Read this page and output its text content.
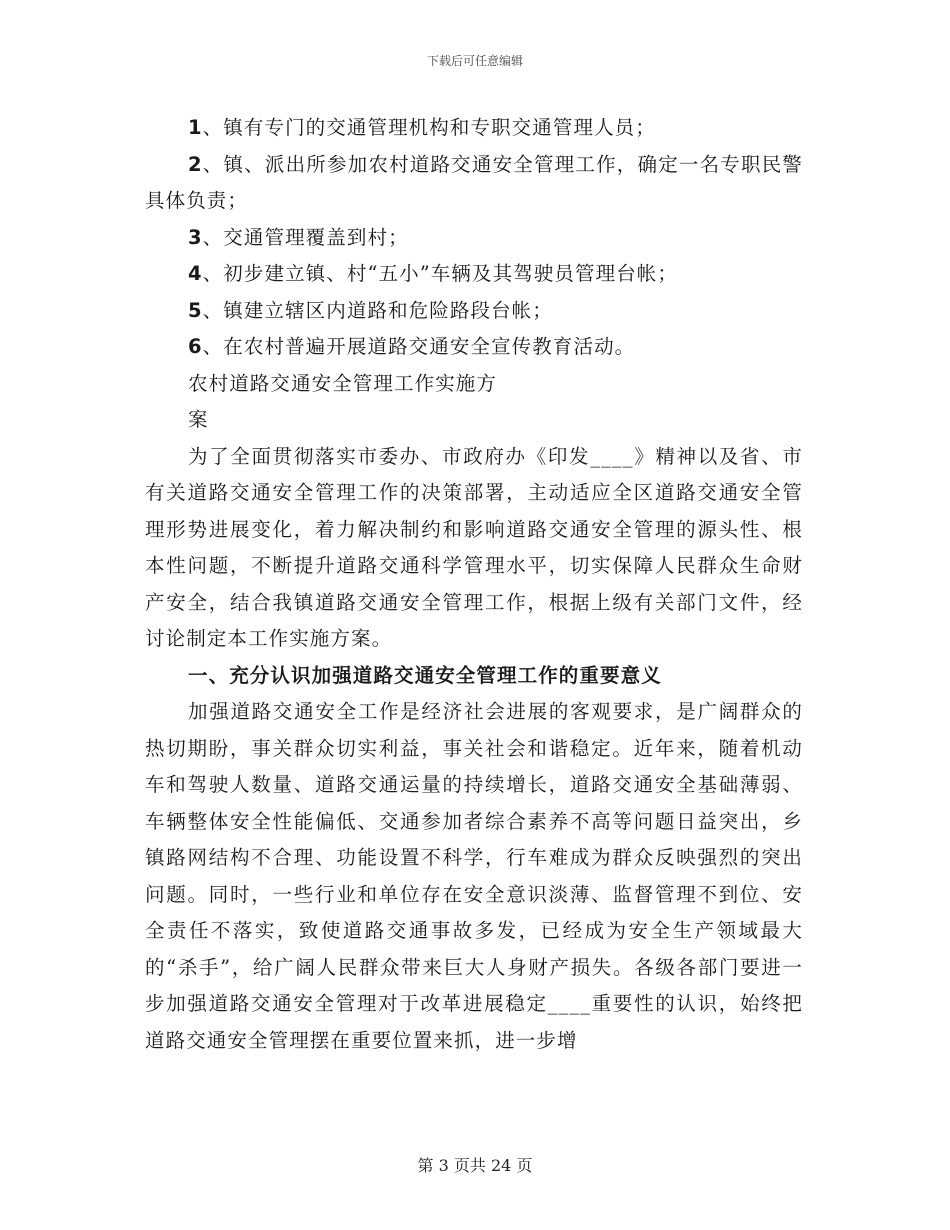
下载后可任意编辑

1、镇有专门的交通管理机构和专职交通管理人员；

2、镇、派出所参加农村道路交通安全管理工作，确定一名专职民警具体负责；

3、交通管理覆盖到村；

4、初步建立镇、村“五小”车辆及其驾驶员管理台帐；

5、镇建立辖区内道路和危险路段台帐；

6、在农村普遍开展道路交通安全宣传教育活动。

农村道路交通安全管理工作实施方

案

为了全面贯彻落实市委办、市政府办《印发____》精神以及省、市有关道路交通安全管理工作的决策部署，主动适应全区道路交通安全管理形势进展变化，着力解决制约和影响道路交通安全管理的源头性、根本性问题，不断提升道路交通科学管理水平，切实保障人民群众生命财产安全，结合我镇道路交通安全管理工作，根据上级有关部门文件，经讨论制定本工作实施方案。

一、充分认识加强道路交通安全管理工作的重要意义

加强道路交通安全工作是经济社会进展的客观要求，是广阔群众的热切期盼，事关群众切实利益，事关社会和谐稳定。近年来，随着机动车和驾驶人数量、道路交通运量的持续增长，道路交通安全基础薄弱、车辆整体安全性能偏低、交通参加者综合素养不高等问题日益突出，乡镇路网结构不合理、功能设置不科学，行车难成为群众反映强烈的突出问题。同时，一些行业和单位存在安全意识淡薄、监督管理不到位、安全责任不落实，致使道路交通事故多发，已经成为安全生产领域最大的“杀手”，给广阔人民群众带来巨大人身财产损失。各级各部门要进一步加强道路交通安全管理对于改革进展稳定____重要性的认识，始终把道路交通安全管理摆在重要位置来抓，进一步增

第 3 页共 24 页
